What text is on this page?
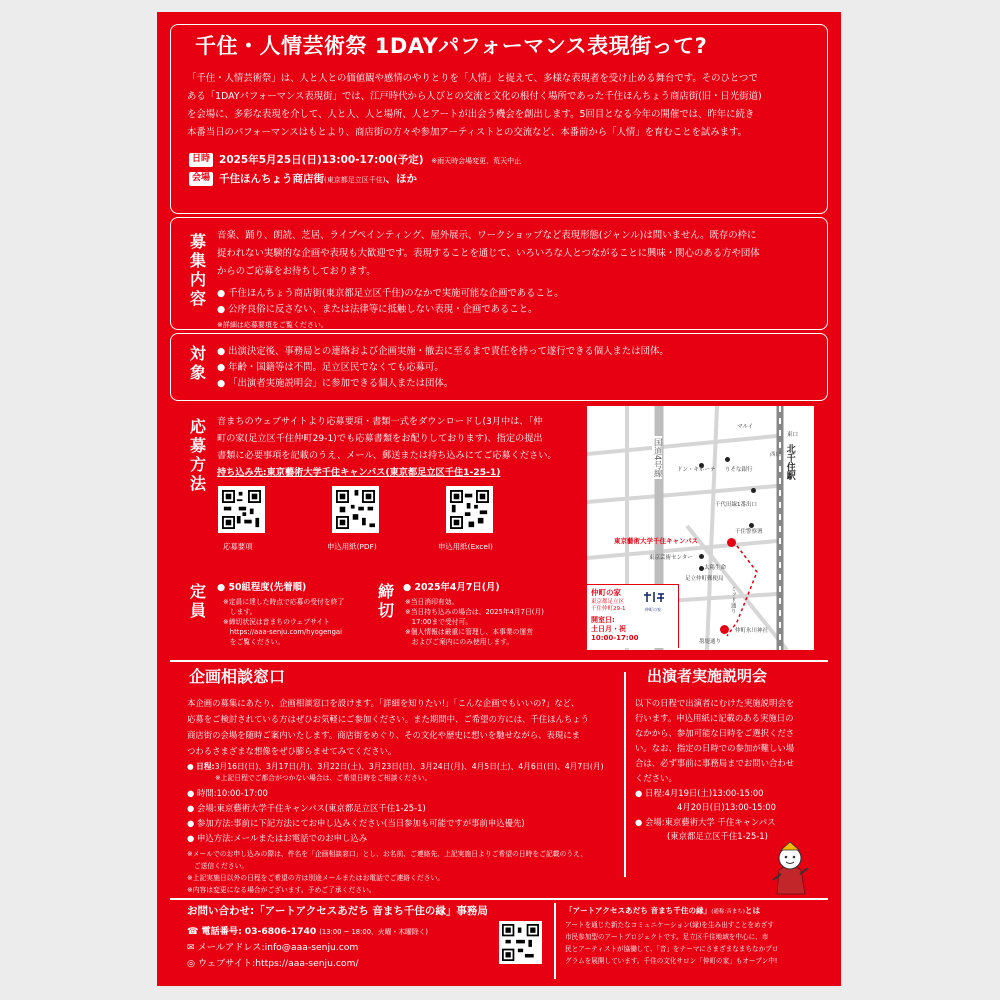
千住・人情芸術祭 1DAYパフォーマンス表現街って?
「千住・人情芸術祭」は、人と人との価値観や感情のやりとりを「人情」と捉えて、多様な表現者を受け止める舞台です。そのひとつで
ある「1DAYパフォーマンス表現街」では、江戸時代から人びとの交流と文化の根付く場所であった千住ほんちょう商店街(旧・日光街道)
を会場に、多彩な表現を介して、人と人、人と場所、人とアートが出会う機会を創出します。5回目となる今年の開催では、昨年に続き
本番当日のパフォーマンスはもとより、商店街の方々や参加アーティストとの交流など、本番前から「人情」を育むことを試みます。
日時 2025年5月25日(日)13:00-17:00(予定) ※雨天時会場変更、荒天中止
会場 千住ほんちょう商店街(東京都足立区千住)、ほか
募集内容
音楽、踊り、朗読、芝居、ライブペインティング、屋外展示、ワークショップなど表現形態(ジャンル)は問いません。既存の枠に
捉われない実験的な企画や表現も大歓迎です。表現することを通じて、いろいろな人とつながることに興味・関心のある方や団体
からのご応募をお待ちしております。
● 千住ほんちょう商店街(東京都足立区千住)のなかで実施可能な企画であること。
● 公序良俗に反さない、または法律等に抵触しない表現・企画であること。
※詳細は応募要項をご覧ください。
対象
● 出演決定後、事務局との連絡および企画実施・撤去に至るまで責任を持って遂行できる個人または団体。
● 年齢・国籍等は不問。足立区民でなくても応募可。
● 「出演者実施説明会」に参加できる個人または団体。
応募方法
音まちのウェブサイトより応募要項・書類一式をダウンロードし(3月中は、「仲
町の家(足立区千住仲町29-1)でも応募書類をお配りしております)、指定の提出
書類に必要事項を記載のうえ、メール、郵送または持ち込みにてご応募ください。
持ち込み先:東京藝術大学千住キャンパス(東京都足立区千住1-25-1)
応募要項	申込用紙(PDF)	申込用紙(Excel)
定員
● 50組程度(先着順)
※定員に達した時点で応募の受付を終了
　します。
※締切状況は音まちのウェブサイト
　https://aaa-senju.com/hyogengai
　をご覧ください。
締切
● 2025年4月7日(月)
※当日消印有効。
※当日持ち込みの場合は、2025年4月7日(月)
　17:00まで受付可。
※個人情報は厳重に管理し、本事業の運営
　およびご案内にのみ使用します。
マルイ
東口
西口 北千住駅
国道4号線	ドン・キホーテ りそな銀行
千代田線1番出口
千住警察署
東京藝術大学千住キャンパス
東京芸術センター
太陽生命
足立仲町郵便局
ミッド通り
仲町氷川神社
墨堤通り
仲町の家
東京都足立区
千住仲町29-1	仲町の家
開室日:
土日月・祝
10:00-17:00
企画相談窓口
本企画の募集にあたり、企画相談窓口を設けます。「詳細を知りたい!」「こんな企画でもいいの?」など、
応募をご検討されている方はぜひお気軽にご参加ください。また期間中、ご希望の方には、千住ほんちょう
商店街の会場を随時ご案内いたします。商店街をめぐり、その文化や歴史に想いを馳せながら、表現にま
つわるさまざまな想像をぜひ膨らませてみてください。
● 日程:3月16日(日)、3月17日(月)、3月22日(土)、3月23日(日)、3月24日(月)、4月5日(土)、4月6日(日)、4月7日(月)
※上記日程でご都合がつかない場合は、ご希望日時をご相談ください。
● 時間:10:00-17:00
● 会場:東京藝術大学千住キャンパス(東京都足立区千住1-25-1)
● 参加方法:事前に下記方法にてお申し込みください(当日参加も可能ですが事前申込優先)
● 申込方法:メールまたはお電話でのお申し込み
※メールでのお申し込みの際は、件名を「企画相談窓口」とし、お名前、ご連絡先、上記実施日よりご希望の日時をご記載のうえ、
　ご送信ください。
※上記実施日以外の日程をご希望の方は別途メールまたはお電話でご連絡ください。
※内容は変更になる場合がございます。予めご了承ください。
出演者実施説明会
以下の日程で出演者にむけた実施説明会を
行います。申込用紙に記載のある実施日の
なかから、参加可能な日時をご選択くださ
い。なお、指定の日時での参加が難しい場
合は、必ず事前に事務局までお問い合わせ
ください。
● 日程:4月19日(土)13:00-15:00
4月20日(日)13:00-15:00
● 会場:東京藝術大学 千住キャンパス
(東京都足立区千住1-25-1)
お問い合わせ:「アートアクセスあだち 音まち千住の縁」事務局
☎ 電話番号: 03-6806-1740 (13:00 ~ 18:00、火曜・木曜除く)
✉ メールアドレス:info@aaa-senju.com
◎ ウェブサイト:https://aaa-senju.com/
「アートアクセスあだち 音まち千住の縁」(通称:音まち)とは
アートを通じた新たなコミュニケーション(縁)を生み出すことをめざす
市民参加型のアートプロジェクトです。足立区千住地域を中心に、市
民とアーティストが協働して、「音」をテーマにさまざまなまちなかプロ
グラムを展開しています。千住の文化サロン「仲町の家」もオープン中!
